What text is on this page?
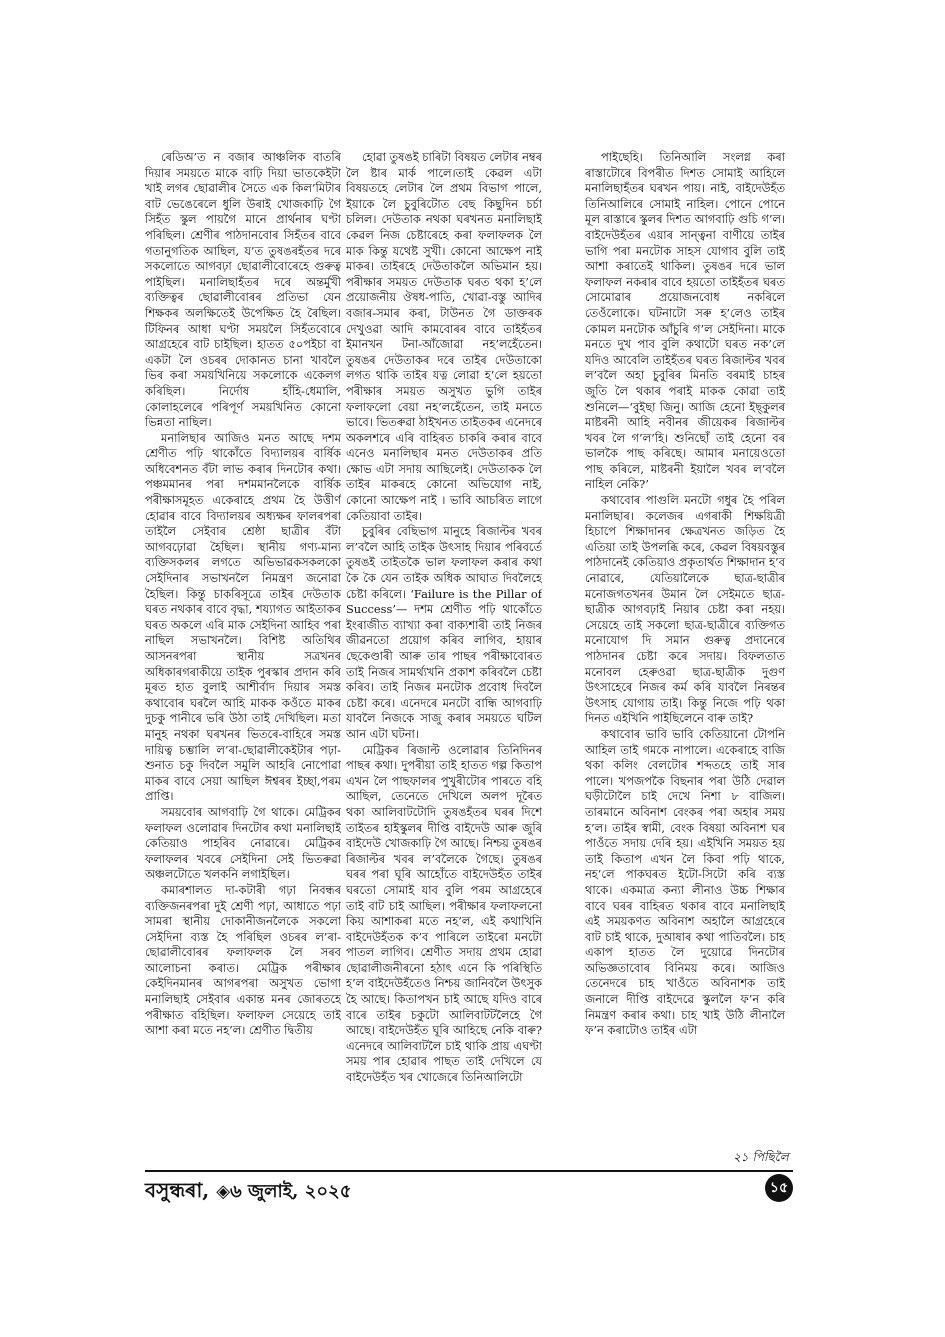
ৰেডিঅ’ত ন বজাৰ আঞ্চলিক বাতৰি দিয়াৰ সময়তে মাকে বাঢ়ি দিয়া ভাতকেইটা খাই লগৰ ছোৱালীৰ সৈতে এক কিল’মিটাৰ বাট ভেঙেৰেলে ধুলি উৰাই খোজকাঢ়ি গৈ সিহঁত স্কুল পায়গৈ মানে প্ৰাৰ্থনাৰ ঘণ্টা পৰিছিল। শ্ৰেণীৰ পাঠদানবোৰ সিহঁতৰ বাবে গতানুগতিক আছিল, য’ত তুষঙৰহঁতৰ দৰে সকলোতে আগবঢ়া ছোৱালীবোৰেহে গুৰুত্ব পাইছিল। মনালিছাহঁতৰ দৰে অন্তৰ্মুখী ব্যক্তিত্বৰ ছোৱালীবোৰৰ প্ৰতিভা যেন শিক্ষকৰ অলক্ষিতেই উপেক্ষিত হৈ ৰৈছিল। টিফিনৰ আধা ঘণ্টা সময়লৈ সিহঁতবোৰে আগ্ৰহেৰে বাট চাইছিল। হাতত ৫০পইচা বা একটা লৈ ওচৰৰ দোকানত চানা খাবলৈ ভিৰ কৰা সময়খিনিয়ে সকলোকে একেলগ কৰিছিল। নিৰ্দোষ হাঁহি-ধেমালি, কোলাহলেৰে পৰিপূৰ্ণ সময়খিনিত কোনো ভিন্নতা নাছিল।

মনালিছাৰ আজিও মনত আছে দশম শ্ৰেণীত পঢ়ি থাকোঁতে বিদ্যালয়ৰ বাৰ্ষিক অধিবেশনত বঁটা লাভ কৰাৰ দিনটোৰ কথা। পঞ্চমমানৰ পৰা দশমমানলৈকে বাৰ্ষিক পৰীক্ষাসমূহত একেৰাহে প্ৰথম হৈ উত্তীৰ্ণ হোৱাৰ বাবে বিদ্যালয়ৰ অধ্যক্ষৰ ফালৰপৰা তাইলৈ সেইবাৰ শ্ৰেষ্ঠা ছাত্ৰীৰ বঁটা আগবঢ়োৱা হৈছিল। স্থানীয় গণ্য-মান্য ব্যক্তিসকলৰ লগতে অভিভাৱকসকলকো সেইদিনাৰ সভাখনলৈ নিমন্ত্ৰণ জনোৱা হৈছিল। কিন্তু চাকৰিসূত্ৰে তাইৰ দেউতাক ঘৰত নথকাৰ বাবে বৃদ্ধা, শয্যাগত আইতাকৰ ঘৰত অকলে এৰি মাক সেইদিনা আহিব পৰা নাছিল সভাখনলৈ। বিশিষ্ট অতিথিৰ আসনৰপৰা স্থানীয় সত্ৰখনৰ অধিকাৰগৰাকীয়ে তাইক পুৰস্কাৰ প্ৰদান কৰি মূৰত হাত বুলাই আশীৰ্বাদ দিয়াৰ সমস্ত কথাবোৰ ঘৰলৈ আহি মাকক কওঁতে মাকৰ দুচকু পানীৰে ভৰি উঠা তাই দেখিছিল। মতা মানুহ নথকা ঘৰখনৰ ভিতৰে-বাহিৰে সমস্ত দায়িত্ব চম্ভালি ল’ৰা-ছোৱালীকেইটাৰ পঢ়া-শুনাত চকু দিবলৈ সমুলি আহৰি নোপোৱা মাকৰ বাবে সেয়া আছিল ঈশ্বৰৰ ইচ্ছা,পৰম প্ৰাপ্তি।

সময়বোৰ আগবাঢ়ি গৈ থাকে। মেট্ৰিকৰ ফলাফল ওলোৱাৰ দিনটোৰ কথা মনালিছাই কেতিয়াও পাহৰিব নোৱাৰে। মেট্ৰিকৰ ফলাফলৰ খবৰে সেইদিনা সেই ভিতৰুৱা অঞ্চলটোতে খলকনি লগাইছিল।

কমাৰশালত দা-কটাৰী গঢ়া নিবন্ধৰ ব্যক্তিজনৰপৰা দুই শ্ৰেণী পঢ়া, আধাতে পঢ়া সামৰা স্থানীয় দোকানীজনলৈকে সকলো সেইদিনা ব্যস্ত হৈ পৰিছিল ওচৰৰ ল’ৰা-ছোৱালীবোৰৰ ফলাফলক লৈ সৰব আলোচনা কৰাত। মেট্ৰিক পৰীক্ষাৰ কেইদিনমানৰ আগৰপৰা অসুখত ভোগা মনালিছাই সেইবাৰ একান্ত মনৰ জোৰতহে পৰীক্ষাত বহিছিল। ফলাফল সেয়েহে তাই আশা কৰা মতে নহ’ল। শ্ৰেণীত দ্বিতীয়

হোৱা তুষঙই চাৰিটা বিষয়ত লেটাৰ নম্বৰ লৈ ষ্টাৰ মাৰ্ক পালে।তাই কেৱল এটা বিষয়তহে লেটাৰ লৈ প্ৰথম বিভাগ পালে, ইয়াকে লৈ চুবুৰিটোত বেছ কিছুদিন চৰ্চা চলিল। দেউতাক নথকা ঘৰখনত মনালিছাই কেৱল নিজ চেষ্টাৰেহে কৰা ফলাফলক লৈ মাক কিন্তু যথেষ্ট সুখী। কোনো আক্ষেপ নাই মাকৰ। তাইৰহে দেউতাকলৈ অভিমান হয়। পৰীক্ষাৰ সময়ত দেউতাক ঘৰত থকা হ’লে প্ৰয়োজনীয় ঔষধ-পাতি, খোৱা-বস্তু আদিৰ বজাৰ-সমাৰ কৰা, টাউনত গৈ ডাক্তৰক দেখুওৱা আদি কামবোৰৰ বাবে তাইহঁতৰ ইমানখন টনা-আঁজোৱা নহ’লহেঁতেন। তুষঙৰ দেউতাকৰ দৰে তাইৰ দেউতাকো লগত থাকি তাইৰ যত্ন লোৱা হ’লে হয়তো পৰীক্ষাৰ সময়ত অসুখত ভুগি তাইৰ ফলাফলো বেয়া নহ’লহেঁতেন, তাই মনতে ভাবে। ভিতৰুৱা ঠাইখনত তাইতকৰ এনেদৰে অকলশৰে এৰি বাহিৰত চাকৰি কৰাৰ বাবে এনেও মনালিছাৰ মনত দেউতাকৰ প্ৰতি ক্ষোভ এটা সদায় আছিলেই। দেউতাকক লৈ তাইৰ মাকৰহে কোনো অভিযোগ নাই, কোনো আক্ষেপ নাই । ভাবি আচৰিত লাগে কেতিয়াবা তাইৰ।

চুবুৰিৰ বেছিভাগ মানুহে ৰিজাল্টৰ খবৰ ল’বলৈ আহি তাইক উৎসাহ দিয়াৰ পৰিবৰ্তে তুষঙই তাইতকৈ ভাল ফলাফল কৰাৰ কথা কৈ কৈ যেন তাইক অধিক আঘাত দিবলৈহে চেষ্টা কৰিলে। ‘Failure is the Pillar of Success’— দশম শ্ৰেণীত পঢ়ি থাকোঁতে ইংৰাজীত ব্যাখ্যা কৰা বাক্যশাৰী তাই নিজৰ জীৱনতো প্ৰয়োগ কৰিব লাগিব, হায়াৰ ছেকেণ্ডাৰী আৰু তাৰ পাছৰ পৰীক্ষাবোৰত তাই নিজৰ সামৰ্থ্যখনি প্ৰকাশ কৰিবলৈ চেষ্টা কৰিব। তাই নিজৰ মনটোক প্ৰবোধ দিবলৈ চেষ্টা কৰে। এনেদৰে মনটো বান্ধি আগবাঢ়ি যাবলৈ নিজকে সাজু কৰাৰ সময়তে ঘটিল আন এটা ঘটনা।

মেট্ৰিকৰ ৰিজাল্ট ওলোৱাৰ তিনিদিনৰ পাছৰ কথা। দুপৰীয়া তাই হাতত গল্প কিতাপ এখন লৈ পাছফালৰ পুখুৰীটোৰ পাৰতে বহি আছিল, তেনেতে দেখিলে অলপ দূৰৈত থকা আলিবাটটোদি তুষঙহঁতৰ ঘৰৰ দিশে তাইতৰ হাইস্কুলৰ দীপ্তি বাইদেউ আৰু জুৰি বাইদেউ খোজকাঢ়ি গৈ আছে। নিশ্চয় তুষঙৰ ৰিজাল্টৰ খবৰ ল’বলৈকে গৈছে। তুষঙৰ ঘৰৰ পৰা ঘূৰি আহোঁতে বাইদেউহঁত তাইৰ ঘৰতো সোমাই যাব বুলি পৰম আগ্ৰহেৰে তাই বাট চাই আছিল। পৰীক্ষাৰ ফলাফলনো কিয় আশাকৰা মতে নহ’ল, এই কথাখিনি বাইদেউহঁতক ক’ব পাৰিলে তাইৰো মনটো পাতল লাগিব। শ্ৰেণীত সদায় প্ৰথম হোৱা ছোৱালীজনীৰনো হঠাৎ এনে কি পৰিস্থিতি হ’ল বাইদেউহঁতেও নিশ্চয় জানিবলৈ উৎসুক হৈ আছে। কিতাপখন চাই আছে যদিও বাৰে বাৰে তাইৰ চকুটো আলিবাটটলৈহে গৈ আছে। বাইদেউহঁত ঘূৰি আহিছে নেকি বাৰু? এনেদৰে আলিবাটলৈ চাই থাকি প্ৰায় এঘণ্টা সময় পাৰ হোৱাৰ পাছত তাই দেখিলে যে বাইদেউহঁত খৰ খোজেৰে তিনিআলিটো

পাইছেহি। তিনিআলি সংলগ্ন কৰা ৰাস্তাটোৰে বিপৰীত দিশত সোমাই আহিলে মনালিছাহঁতৰ ঘৰখন পায়। নাই, বাইদেউহঁত তিনিআলিৰে সোমাই নাহিল। পোনে পোনে মূল ৰাস্তাৰে স্কুলৰ দিশত আগবাঢ়ি গুচি গ’ল। বাইদেউহঁতৰ এয়াৰ সান্ত্বনা বাণীয়ে তাইৰ ভাগি পৰা মনটোক সাহস যোগাব বুলি তাই আশা কৰাতেই থাকিল। তুষঙৰ দৰে ভাল ফলাফল নকৰাৰ বাবে হয়তো তাইহঁতৰ ঘৰত সোমোৱাৰ প্ৰয়োজনবোধ নকৰিলে তেওঁলোকে। ঘটনাটো সৰু হ’লেও তাইৰ কোমল মনটোক আঁচুৰি গ’ল সেইদিনা। মাকে মনতে দুখ পাব বুলি কথাটো ঘৰত নক’লে যদিও আবেলি তাইহঁতৰ ঘৰত ৰিজাল্টৰ খবৰ ল’বলৈ অহা চুবুৰিৰ মিনতি বৰমাই চাহৰ জুতি লৈ থকাৰ পৰাই মাকক কোৱা তাই শুনিলে—‘বুইছা জিনু। আজি হেনো ইছ্কুলৰ মাষ্টৰনী আহি নবীনৰ জীয়েকৰ ৰিজাল্টৰ খবৰ লৈ গ’ল’হি। শুনিছোঁ তাই হেনো বৰ ভালকৈ পাছ কৰিছে। আমাৰ মনায়েওতো পাছ কৰিলে, মাষ্টৰনী ইয়ালৈ খবৰ ল’বলৈ নাহিল নেকি?’

কথাবোৰ পাগুলি মনটো গধুৰ হৈ পৰিল মনালিছাৰ। কলেজৰ এগৰাকী শিক্ষয়িত্ৰী হিচাপে শিক্ষাদানৰ ক্ষেত্ৰখনত জড়িত হৈ এতিয়া তাই উপলব্ধি কৰে, কেৱল বিষয়বস্তুৰ পাঠদানেই কেতিয়াও প্ৰকৃতাৰ্থত শিক্ষাদান হ’ব নোৱাৰে, যেতিয়ালৈকে ছাত্ৰ-ছাত্ৰীৰ মনোজগতখনৰ উমান লৈ সেইমতে ছাত্ৰ-ছাত্ৰীক আগবঢ়াই নিয়াৰ চেষ্টা কৰা নহয়। সেয়েহে তাই সকলো ছাত্ৰ-ছাত্ৰীৰে ব্যক্তিগত মনোযোগ দি সমান গুৰুত্ব প্ৰদানেৰে পাঠদানৰ চেষ্টা কৰে সদায়। বিফলতাত মনোবল হেৰুওৱা ছাত্ৰ-ছাত্ৰীক দুগুণ উৎসাহেৰে নিজৰ কৰ্ম কৰি যাবলৈ নিৰন্তৰ উৎসাহ যোগায় তাই। কিন্তু নিজে পঢ়ি থকা দিনত এইখিনি পাইছিলেনে বাৰু তাই?

কথাবোৰ ভাবি ভাবি কেতিয়ানো টোপনি আহিল তাই গমকে নাপালে। একেৰাহে বাজি থকা কলিং বেলটোৰ শব্দতহে তাই সাৰ পালে। খপজপকৈ বিছনাৰ পৰা উঠি দেৱাল ঘড়ীটোলৈ চাই দেখে নিশা ৮ বাজিল। তাৰমানে অবিনাশ বেংকৰ পৰা অহাৰ সময় হ’ল। তাইৰ স্বামী, বেংক বিষয়া অবিনাশ ঘৰ পাওঁতে সদায় দেৰি হয়। এইখিনি সময়ত হয় তাই কিতাপ এখন লৈ কিবা পঢ়ি থাকে, নহ’লে পাকঘৰত ইটো-সিটো কৰি ব্যস্ত থাকে। একমাত্ৰ কন্যা লীনাও উচ্চ শিক্ষাৰ বাবে ঘৰৰ বাহিৰত থকাৰ বাবে মনালিছাই এই সময়কণত অবিনাশ অহালৈ আগ্ৰহেৰে বাট চাই থাকে, দুআষাৰ কথা পাতিবলৈ। চাহ একাপ হাতত লৈ দুয়োৱে দিনটোৰ অভিজ্ঞতাবোৰ বিনিময় কৰে। আজিও তেনেদৰে চাহ খাওঁতে অবিনাশক তাই জনালে দীপ্তি বাইদেৱে স্কুললৈ ফ’ন কৰি নিমন্ত্ৰণ কৰাৰ কথা। চাহ খাই উঠি লীনালৈ ফ’ন কৰাটোও তাইৰ এটা

২১ পিছিলৈ
বসুন্ধৰা, ◈৬ জুলাই, ২০২৫	১৫
